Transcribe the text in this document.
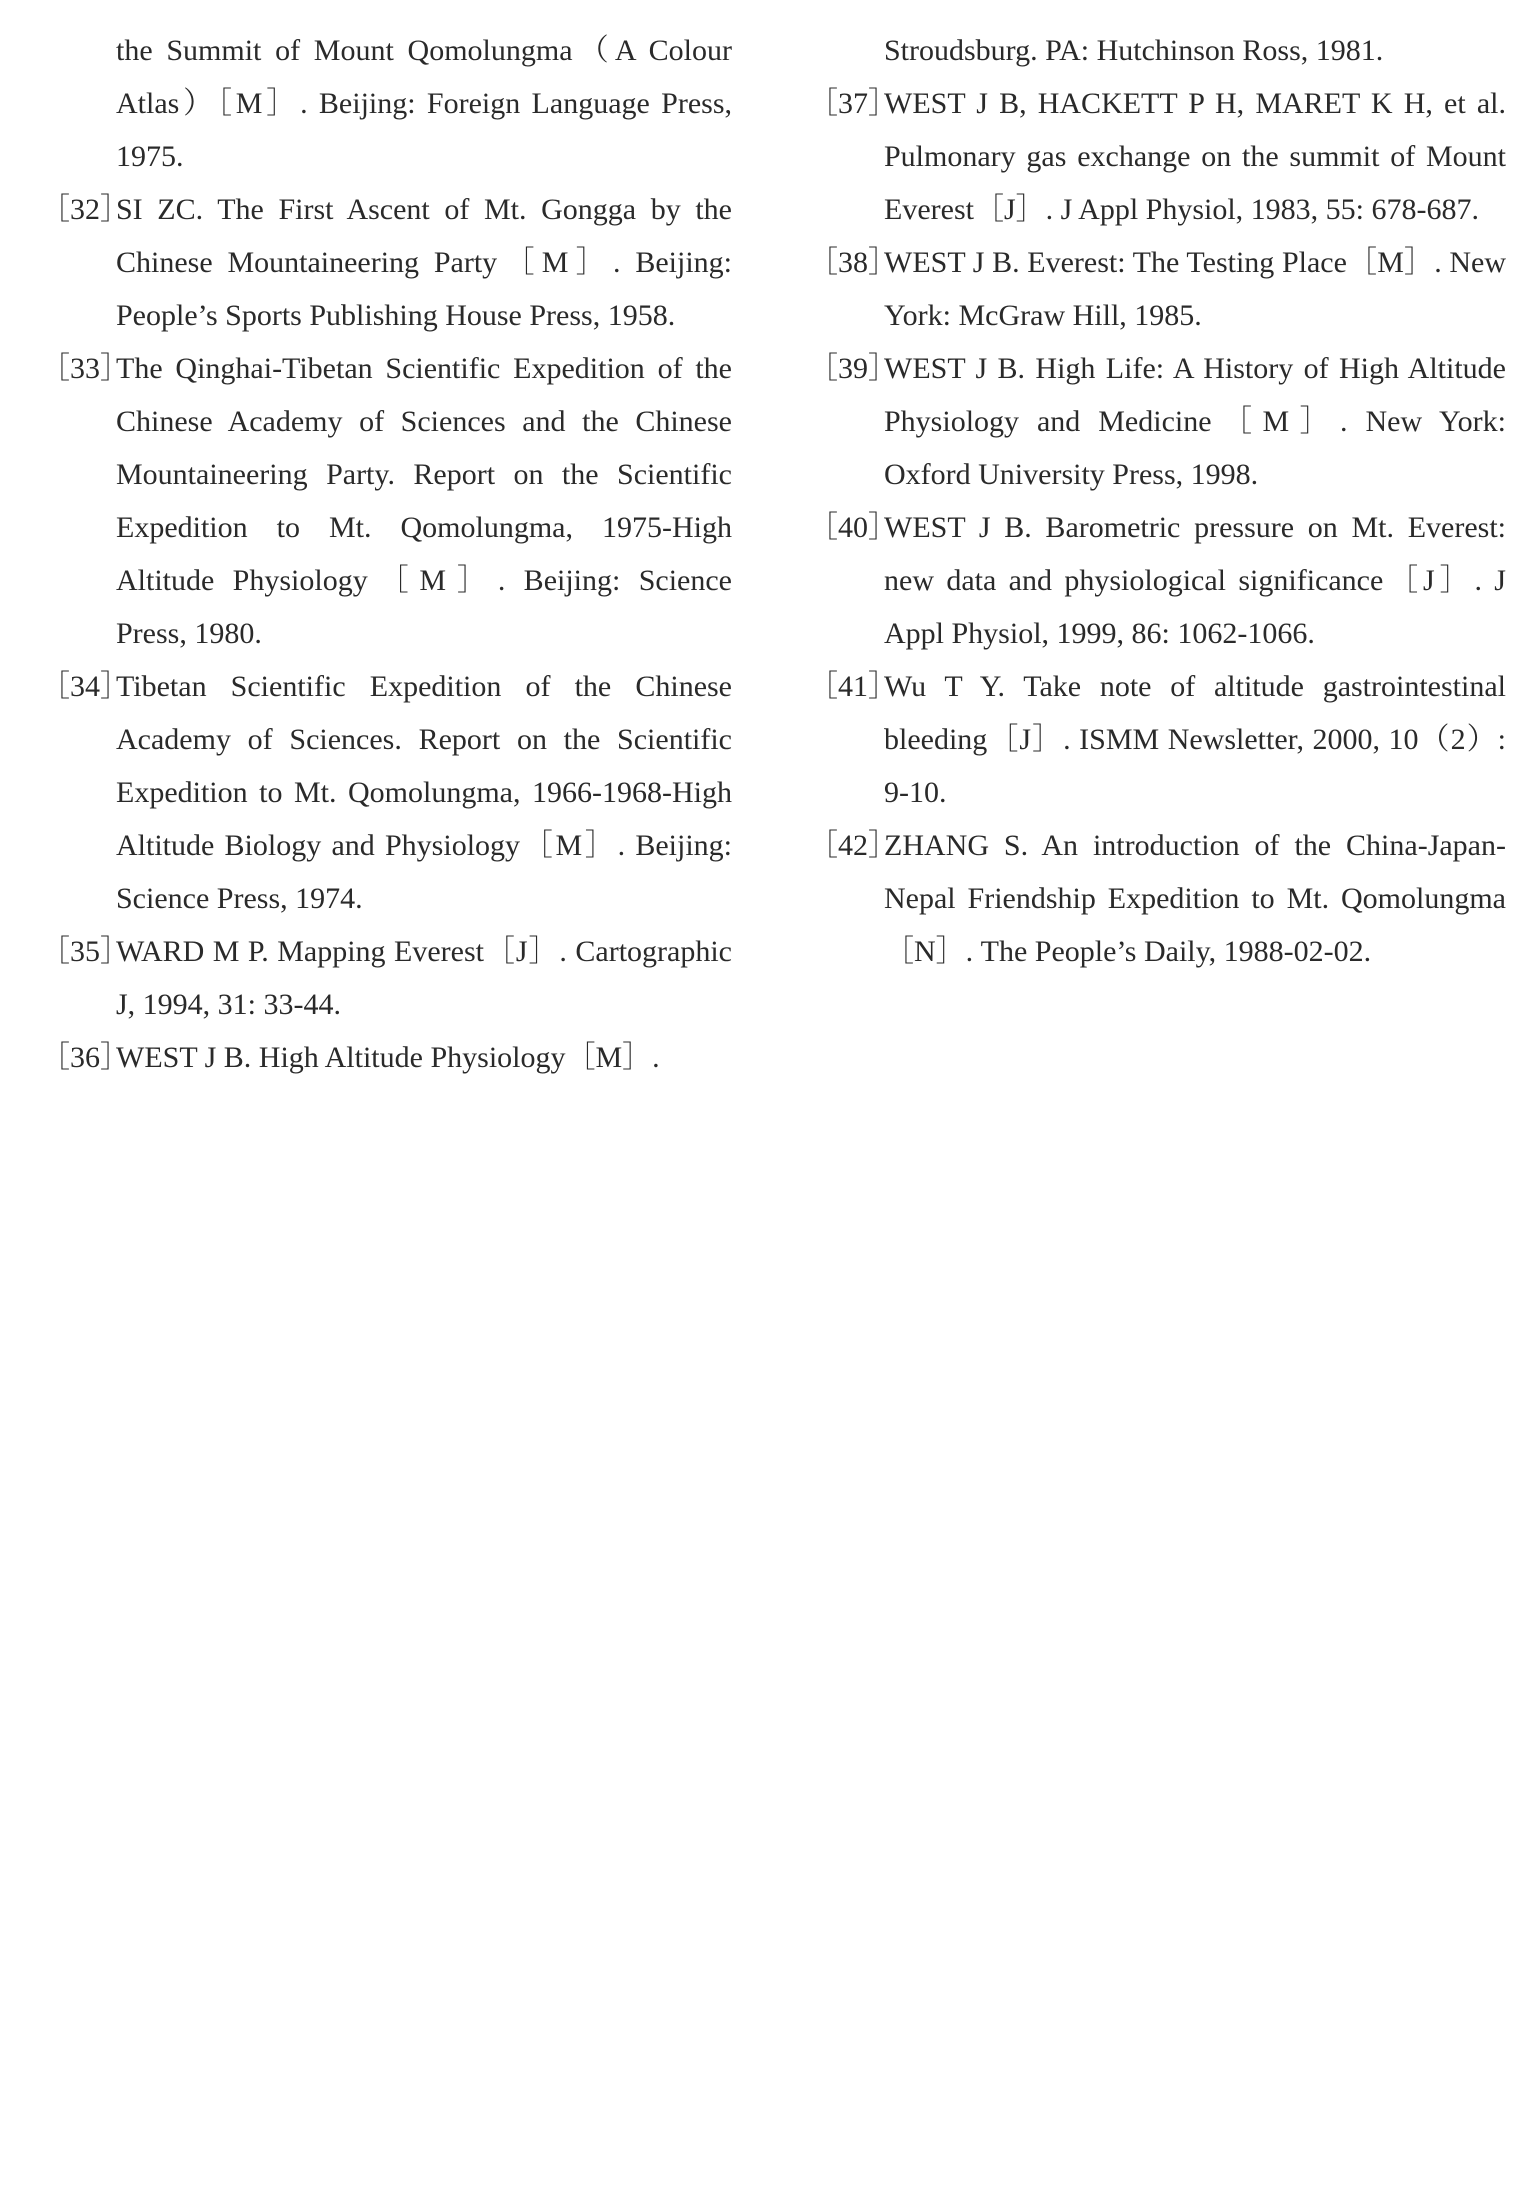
the Summit of Mount Qomolungma（A Colour Atlas）［M］. Beijing: Foreign Language Press, 1975.
［32］
SI ZC. The First Ascent of Mt. Gongga by the Chinese Mountaineering Party［M］. Beijing: People’s Sports Publishing House Press, 1958.
［33］
The Qinghai-Tibetan Scientific Expedition of the Chinese Academy of Sciences and the Chinese Mountaineering Party. Report on the Scientific Expedition to Mt. Qomolungma, 1975-High Altitude Physiology［M］. Beijing: Science Press, 1980.
［34］
Tibetan Scientific Expedition of the Chinese Academy of Sciences. Report on the Scientific Expedition to Mt. Qomolungma, 1966-1968-High Altitude Biology and Physiology［M］. Beijing: Science Press, 1974.
［35］
WARD M P. Mapping Everest［J］. Cartographic J, 1994, 31: 33-44.
［36］
WEST J B. High Altitude Physiology［M］.
Stroudsburg. PA: Hutchinson Ross, 1981.
［37］
WEST J B, HACKETT P H, MARET K H, et al. Pulmonary gas exchange on the summit of Mount Everest［J］. J Appl Physiol, 1983, 55: 678-687.
［38］
WEST J B. Everest: The Testing Place［M］. New York: McGraw Hill, 1985.
［39］
WEST J B. High Life: A History of High Altitude Physiology and Medicine［M］. New York: Oxford University Press, 1998.
［40］
WEST J B. Barometric pressure on Mt. Everest: new data and physiological significance［J］. J Appl Physiol, 1999, 86: 1062-1066.
［41］
Wu T Y. Take note of altitude gastrointestinal bleeding［J］. ISMM Newsletter, 2000, 10（2）: 9-10.
［42］
ZHANG S. An introduction of the China-Japan-Nepal Friendship Expedition to Mt. Qomolungma［N］. The People’s Daily, 1988-02-02.
